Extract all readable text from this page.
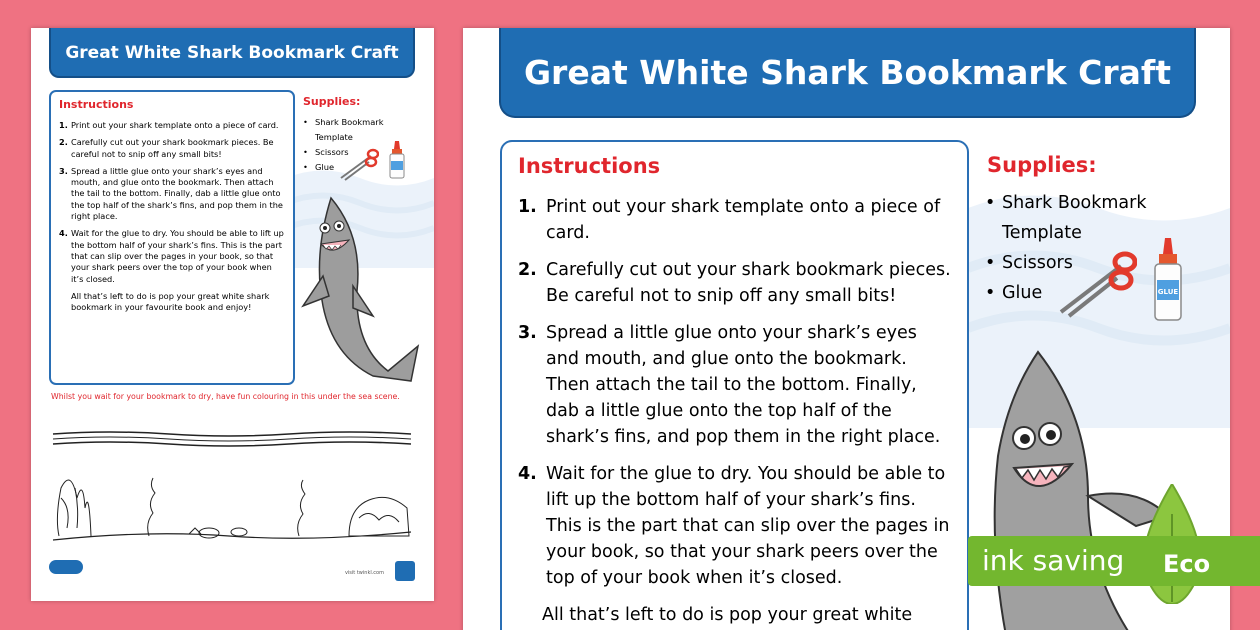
Great White Shark Bookmark Craft
Instructions
1. Print out your shark template onto a piece of card.
2. Carefully cut out your shark bookmark pieces. Be careful not to snip off any small bits!
3. Spread a little glue onto your shark’s eyes and mouth, and glue onto the bookmark. Then attach the tail to the bottom. Finally, dab a little glue onto the top half of the shark’s fins, and pop them in the right place.
4. Wait for the glue to dry. You should be able to lift up the bottom half of your shark’s fins. This is the part that can slip over the pages in your book, so that your shark peers over the top of your book when it’s closed.
All that’s left to do is pop your great white shark bookmark in your favourite book and enjoy!
Supplies:
• Shark Bookmark
Template
• Scissors
• Glue
Whilst you wait for your bookmark to dry, have fun colouring in this under the sea scene.
visit twinkl.com
Great White Shark Bookmark Craft
Instructions
1. Print out your shark template onto a piece of card.
2. Carefully cut out your shark bookmark pieces. Be careful not to snip off any small bits!
3. Spread a little glue onto your shark’s eyes and mouth, and glue onto the bookmark. Then attach the tail to the bottom. Finally, dab a little glue onto the top half of the shark’s fins, and pop them in the right place.
4. Wait for the glue to dry. You should be able to lift up the bottom half of your shark’s fins. This is the part that can slip over the pages in your book, so that your shark peers over the top of your book when it’s closed.
All that’s left to do is pop your great white
Supplies:
• Shark Bookmark
Template
• Scissors
• Glue	GLUE
ink saving Eco
